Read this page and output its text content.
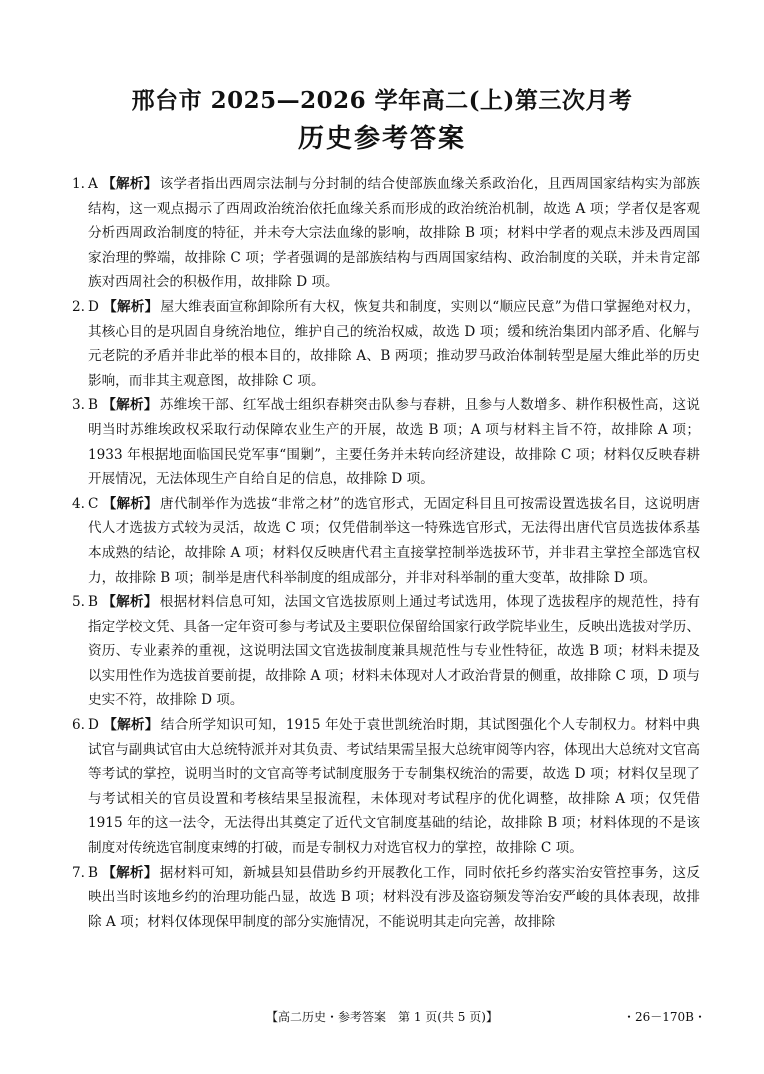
邢台市 2025—2026 学年高二(上)第三次月考
历史参考答案

1. A 【解析】 该学者指出西周宗法制与分封制的结合使部族血缘关系政治化，且西周国家结构实为部族结构，这一观点揭示了西周政治统治依托血缘关系而形成的政治统治机制，故选 A 项；学者仅是客观分析西周政治制度的特征，并未夸大宗法血缘的影响，故排除 B 项；材料中学者的观点未涉及西周国家治理的弊端，故排除 C 项；学者强调的是部族结构与西周国家结构、政治制度的关联，并未肯定部族对西周社会的积极作用，故排除 D 项。

2. D 【解析】 屋大维表面宣称卸除所有大权，恢复共和制度，实则以“顺应民意”为借口掌握绝对权力，其核心目的是巩固自身统治地位，维护自己的统治权威，故选 D 项；缓和统治集团内部矛盾、化解与元老院的矛盾并非此举的根本目的，故排除 A、B 两项；推动罗马政治体制转型是屋大维此举的历史影响，而非其主观意图，故排除 C 项。

3. B 【解析】 苏维埃干部、红军战士组织春耕突击队参与春耕，且参与人数增多、耕作积极性高，这说明当时苏维埃政权采取行动保障农业生产的开展，故选 B 项；A 项与材料主旨不符，故排除 A 项；1933 年根据地面临国民党军事“围剿”，主要任务并未转向经济建设，故排除 C 项；材料仅反映春耕开展情况，无法体现生产自给自足的信息，故排除 D 项。

4. C 【解析】 唐代制举作为选拔“非常之材”的选官形式，无固定科目且可按需设置选拔名目，这说明唐代人才选拔方式较为灵活，故选 C 项；仅凭借制举这一特殊选官形式，无法得出唐代官员选拔体系基本成熟的结论，故排除 A 项；材料仅反映唐代君主直接掌控制举选拔环节，并非君主掌控全部选官权力，故排除 B 项；制举是唐代科举制度的组成部分，并非对科举制的重大变革，故排除 D 项。

5. B 【解析】 根据材料信息可知，法国文官选拔原则上通过考试选用，体现了选拔程序的规范性，持有指定学校文凭、具备一定年资可参与考试及主要职位保留给国家行政学院毕业生，反映出选拔对学历、资历、专业素养的重视，这说明法国文官选拔制度兼具规范性与专业性特征，故选 B 项；材料未提及以实用性作为选拔首要前提，故排除 A 项；材料未体现对人才政治背景的侧重，故排除 C 项，D 项与史实不符，故排除 D 项。

6. D 【解析】 结合所学知识可知，1915 年处于袁世凯统治时期，其试图强化个人专制权力。材料中典试官与副典试官由大总统特派并对其负责、考试结果需呈报大总统审阅等内容，体现出大总统对文官高等考试的掌控，说明当时的文官高等考试制度服务于专制集权统治的需要，故选 D 项；材料仅呈现了与考试相关的官员设置和考核结果呈报流程，未体现对考试程序的优化调整，故排除 A 项；仅凭借 1915 年的这一法令，无法得出其奠定了近代文官制度基础的结论，故排除 B 项；材料体现的不是该制度对传统选官制度束缚的打破，而是专制权力对选官权力的掌控，故排除 C 项。

7. B 【解析】 据材料可知，新城县知县借助乡约开展教化工作，同时依托乡约落实治安管控事务，这反映出当时该地乡约的治理功能凸显，故选 B 项；材料没有涉及盗窃频发等治安严峻的具体表现，故排除 A 项；材料仅体现保甲制度的部分实施情况，不能说明其走向完善，故排除

【高二历史・参考答案　第 1 页(共 5 页)】	・26－170B・
